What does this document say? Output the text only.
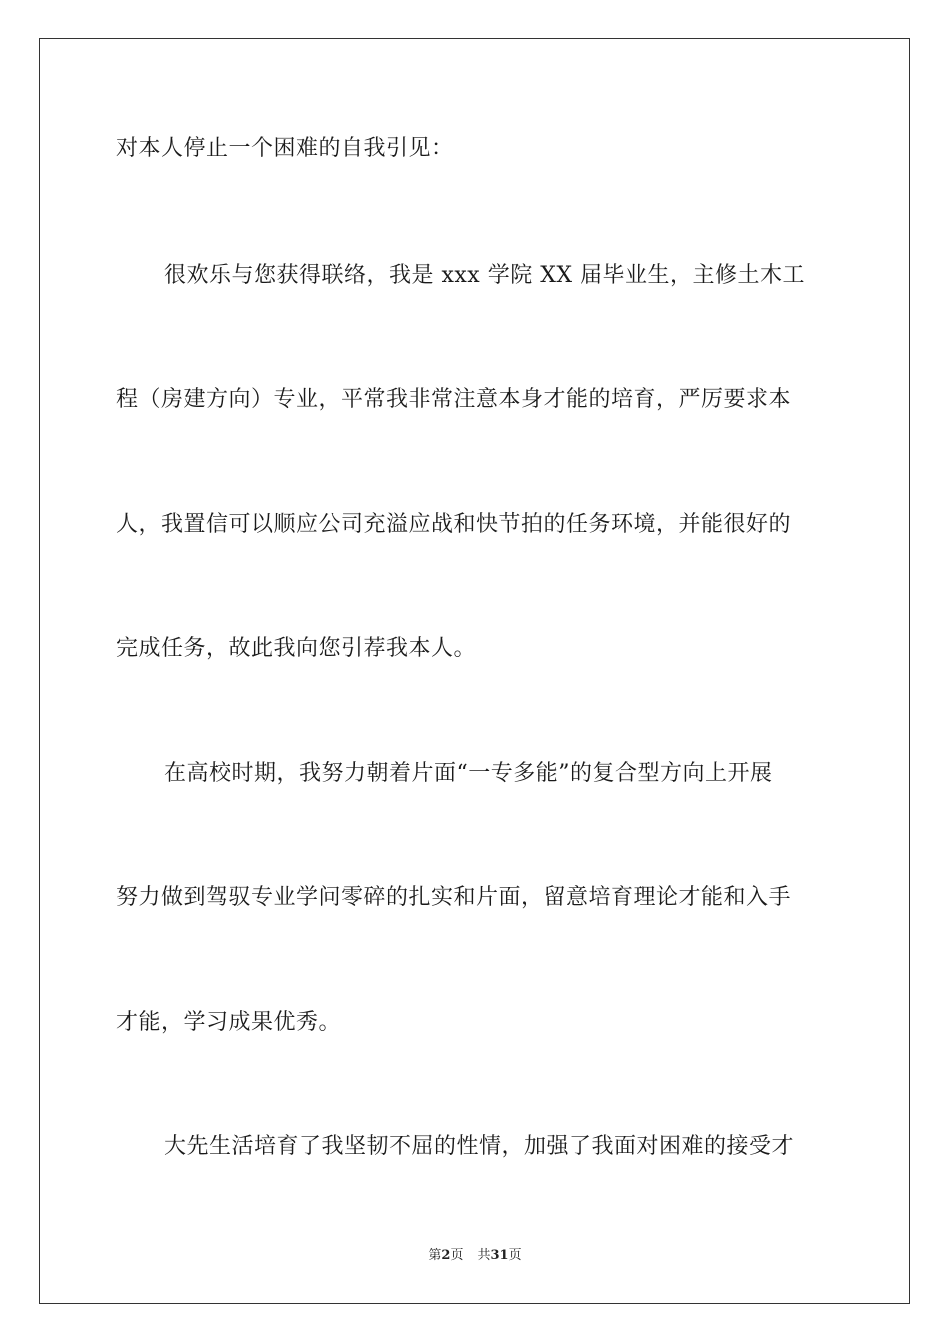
对本人停止一个困难的自我引见：
很欢乐与您获得联络，我是 xxx 学院 XX 届毕业生，主修土木工
程（房建方向）专业，平常我非常注意本身才能的培育，严厉要求本
人，我置信可以顺应公司充溢应战和快节拍的任务环境，并能很好的
完成任务，故此我向您引荐我本人。
在高校时期，我努力朝着片面“一专多能”的复合型方向上开展
努力做到驾驭专业学问零碎的扎实和片面，留意培育理论才能和入手
才能，学习成果优秀。
大先生活培育了我坚韧不屈的性情，加强了我面对困难的接受才
第2页 共31页
